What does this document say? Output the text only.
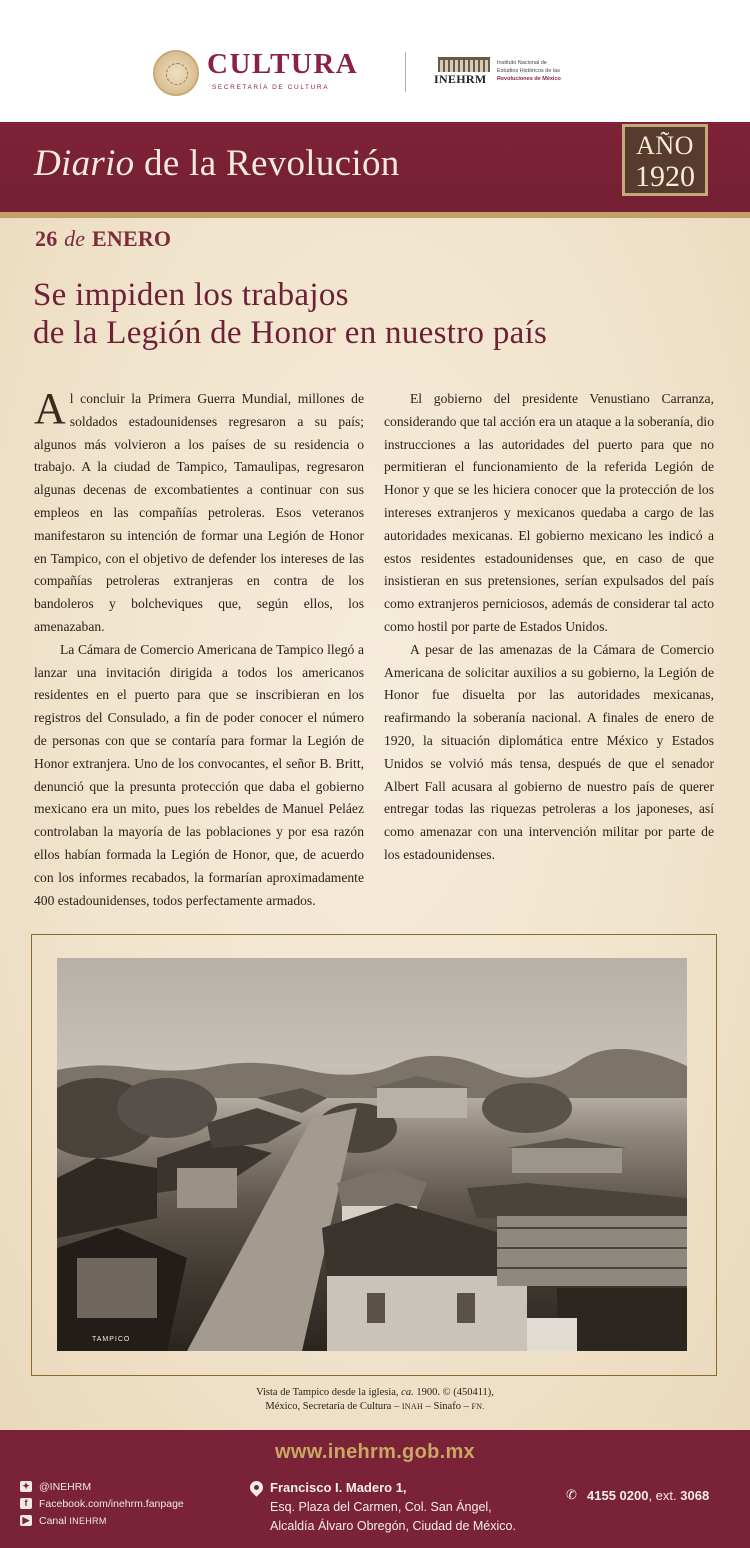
CULTURA
SECRETARÍA DE CULTURA
INEHRM
Instituto Nacional de
Estudios Históricos de las
Revoluciones de México
Diario de la Revolución	AÑO
1920
26 de ENERO
Se impiden los trabajos
de la Legión de Honor en nuestro país

Al concluir la Primera Guerra Mundial, millones de soldados estadounidenses regresaron a su país; algunos más volvieron a los países de su residencia o trabajo. A la ciudad de Tampico, Tamaulipas, regresaron algunas decenas de excombatientes a continuar con sus empleos en las compañías petroleras. Esos veteranos manifestaron su intención de formar una Legión de Honor en Tampico, con el objetivo de defender los intereses de las compañías petroleras extranjeras en contra de los bandoleros y bolcheviques que, según ellos, los amenazaban.

La Cámara de Comercio Americana de Tampico llegó a lanzar una invitación dirigida a todos los americanos residentes en el puerto para que se inscribieran en los registros del Consulado, a fin de poder conocer el número de personas con que se contaría para formar la Legión de Honor extranjera. Uno de los convocantes, el señor B. Britt, denunció que la presunta protección que daba el gobierno mexicano era un mito, pues los rebeldes de Manuel Peláez controlaban la mayoría de las poblaciones y por esa razón ellos habían formada la Legión de Honor, que, de acuerdo con los informes recabados, la formarían aproximadamente 400 estadounidenses, todos perfectamente armados.

El gobierno del presidente Venustiano Carranza, considerando que tal acción era un ataque a la soberanía, dio instrucciones a las autoridades del puerto para que no permitieran el funcionamiento de la referida Legión de Honor y que se les hiciera conocer que la protección de los intereses extranjeros y mexicanos quedaba a cargo de las autoridades mexicanas. El gobierno mexicano les indicó a estos residentes estadounidenses que, en caso de que insistieran en sus pretensiones, serían expulsados del país como extranjeros perniciosos, además de considerar tal acto como hostil por parte de Estados Unidos.

A pesar de las amenazas de la Cámara de Comercio Americana de solicitar auxilios a su gobierno, la Legión de Honor fue disuelta por las autoridades mexicanas, reafirmando la soberanía nacional. A finales de enero de 1920, la situación diplomática entre México y Estados Unidos se volvió más tensa, después de que el senador Albert Fall acusara al gobierno de nuestro país de querer entregar todas las riquezas petroleras a los japoneses, así como amenazar con una intervención militar por parte de los estadounidenses.

TAMPICO
Vista de Tampico desde la iglesia, ca. 1900. © (450411),
México, Secretaría de Cultura – INAH – Sinafo – FN.
www.inehrm.gob.mx
✦ @INEHRM
f	Facebook.com/inehrm.fanpage
▶ Canal
INEHRM
Francisco I. Madero 1,
Esq. Plaza del Carmen, Col. San Ángel,
Alcaldía Álvaro Obregón, Ciudad de México.
✆ 4155 0200, ext. 3068
